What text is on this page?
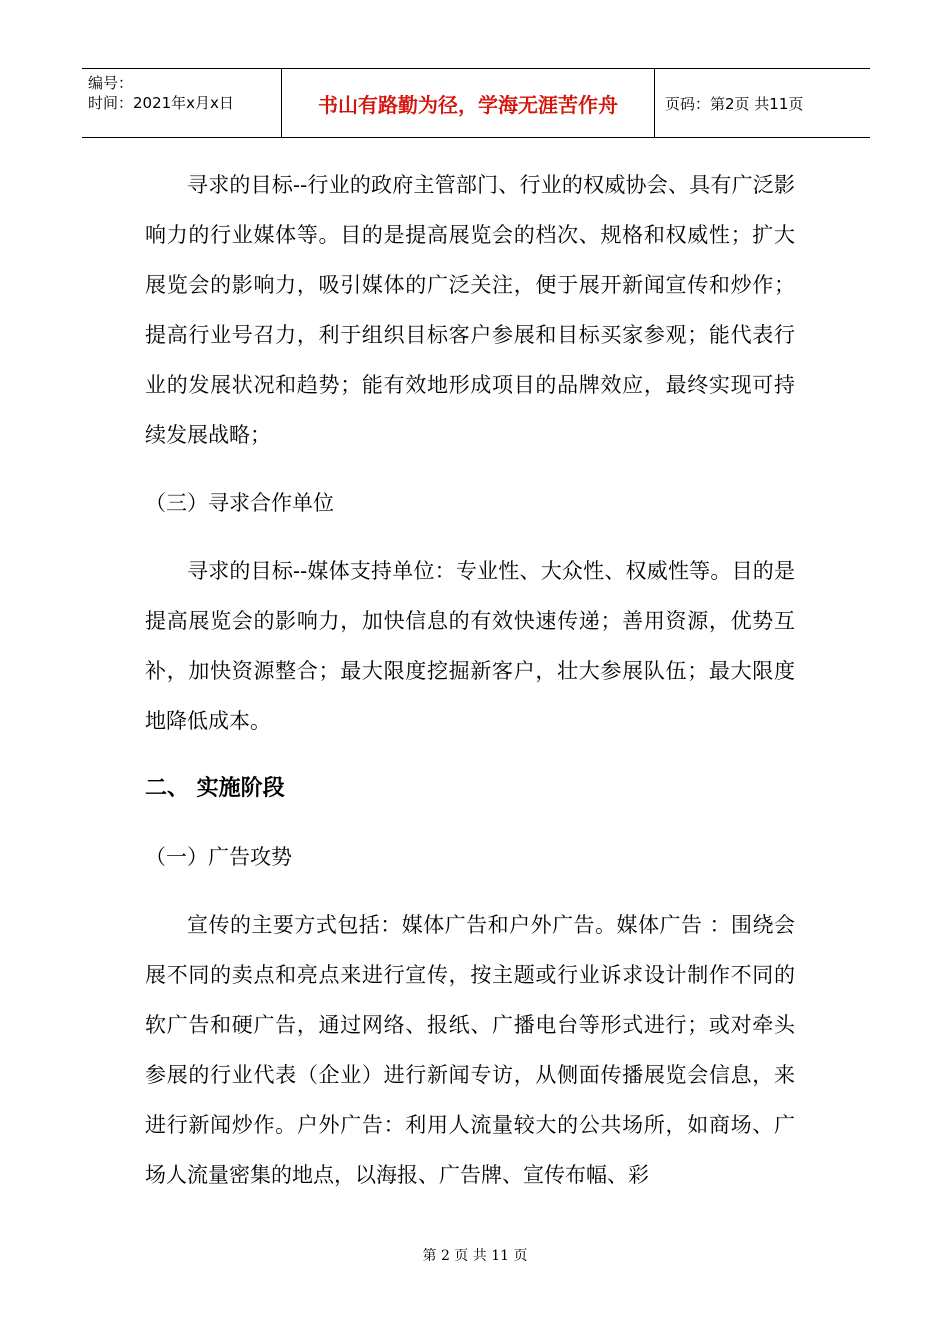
编号：
时间：2021年x月x日	书山有路勤为径，学海无涯苦作舟	页码：第2页 共11页

寻求的目标--行业的政府主管部门、行业的权威协会、具有广泛影响力的行业媒体等。目的是提高展览会的档次、规格和权威性；扩大展览会的影响力，吸引媒体的广泛关注，便于展开新闻宣传和炒作；提高行业号召力，利于组织目标客户参展和目标买家参观；能代表行业的发展状况和趋势；能有效地形成项目的品牌效应，最终实现可持续发展战略；

（三）寻求合作单位

寻求的目标--媒体支持单位：专业性、大众性、权威性等。目的是提高展览会的影响力，加快信息的有效快速传递；善用资源，优势互补，加快资源整合；最大限度挖掘新客户，壮大参展队伍；最大限度地降低成本。

二、 实施阶段

（一）广告攻势

宣传的主要方式包括：媒体广告和户外广告。媒体广告 ：围绕会展不同的卖点和亮点来进行宣传，按主题或行业诉求设计制作不同的软广告和硬广告，通过网络、报纸、广播电台等形式进行；或对牵头参展的行业代表（企业）进行新闻专访，从侧面传播展览会信息，来进行新闻炒作。户外广告：利用人流量较大的公共场所，如商场、广场人流量密集的地点，以海报、广告牌、宣传布幅、彩

第 2 页 共 11 页
